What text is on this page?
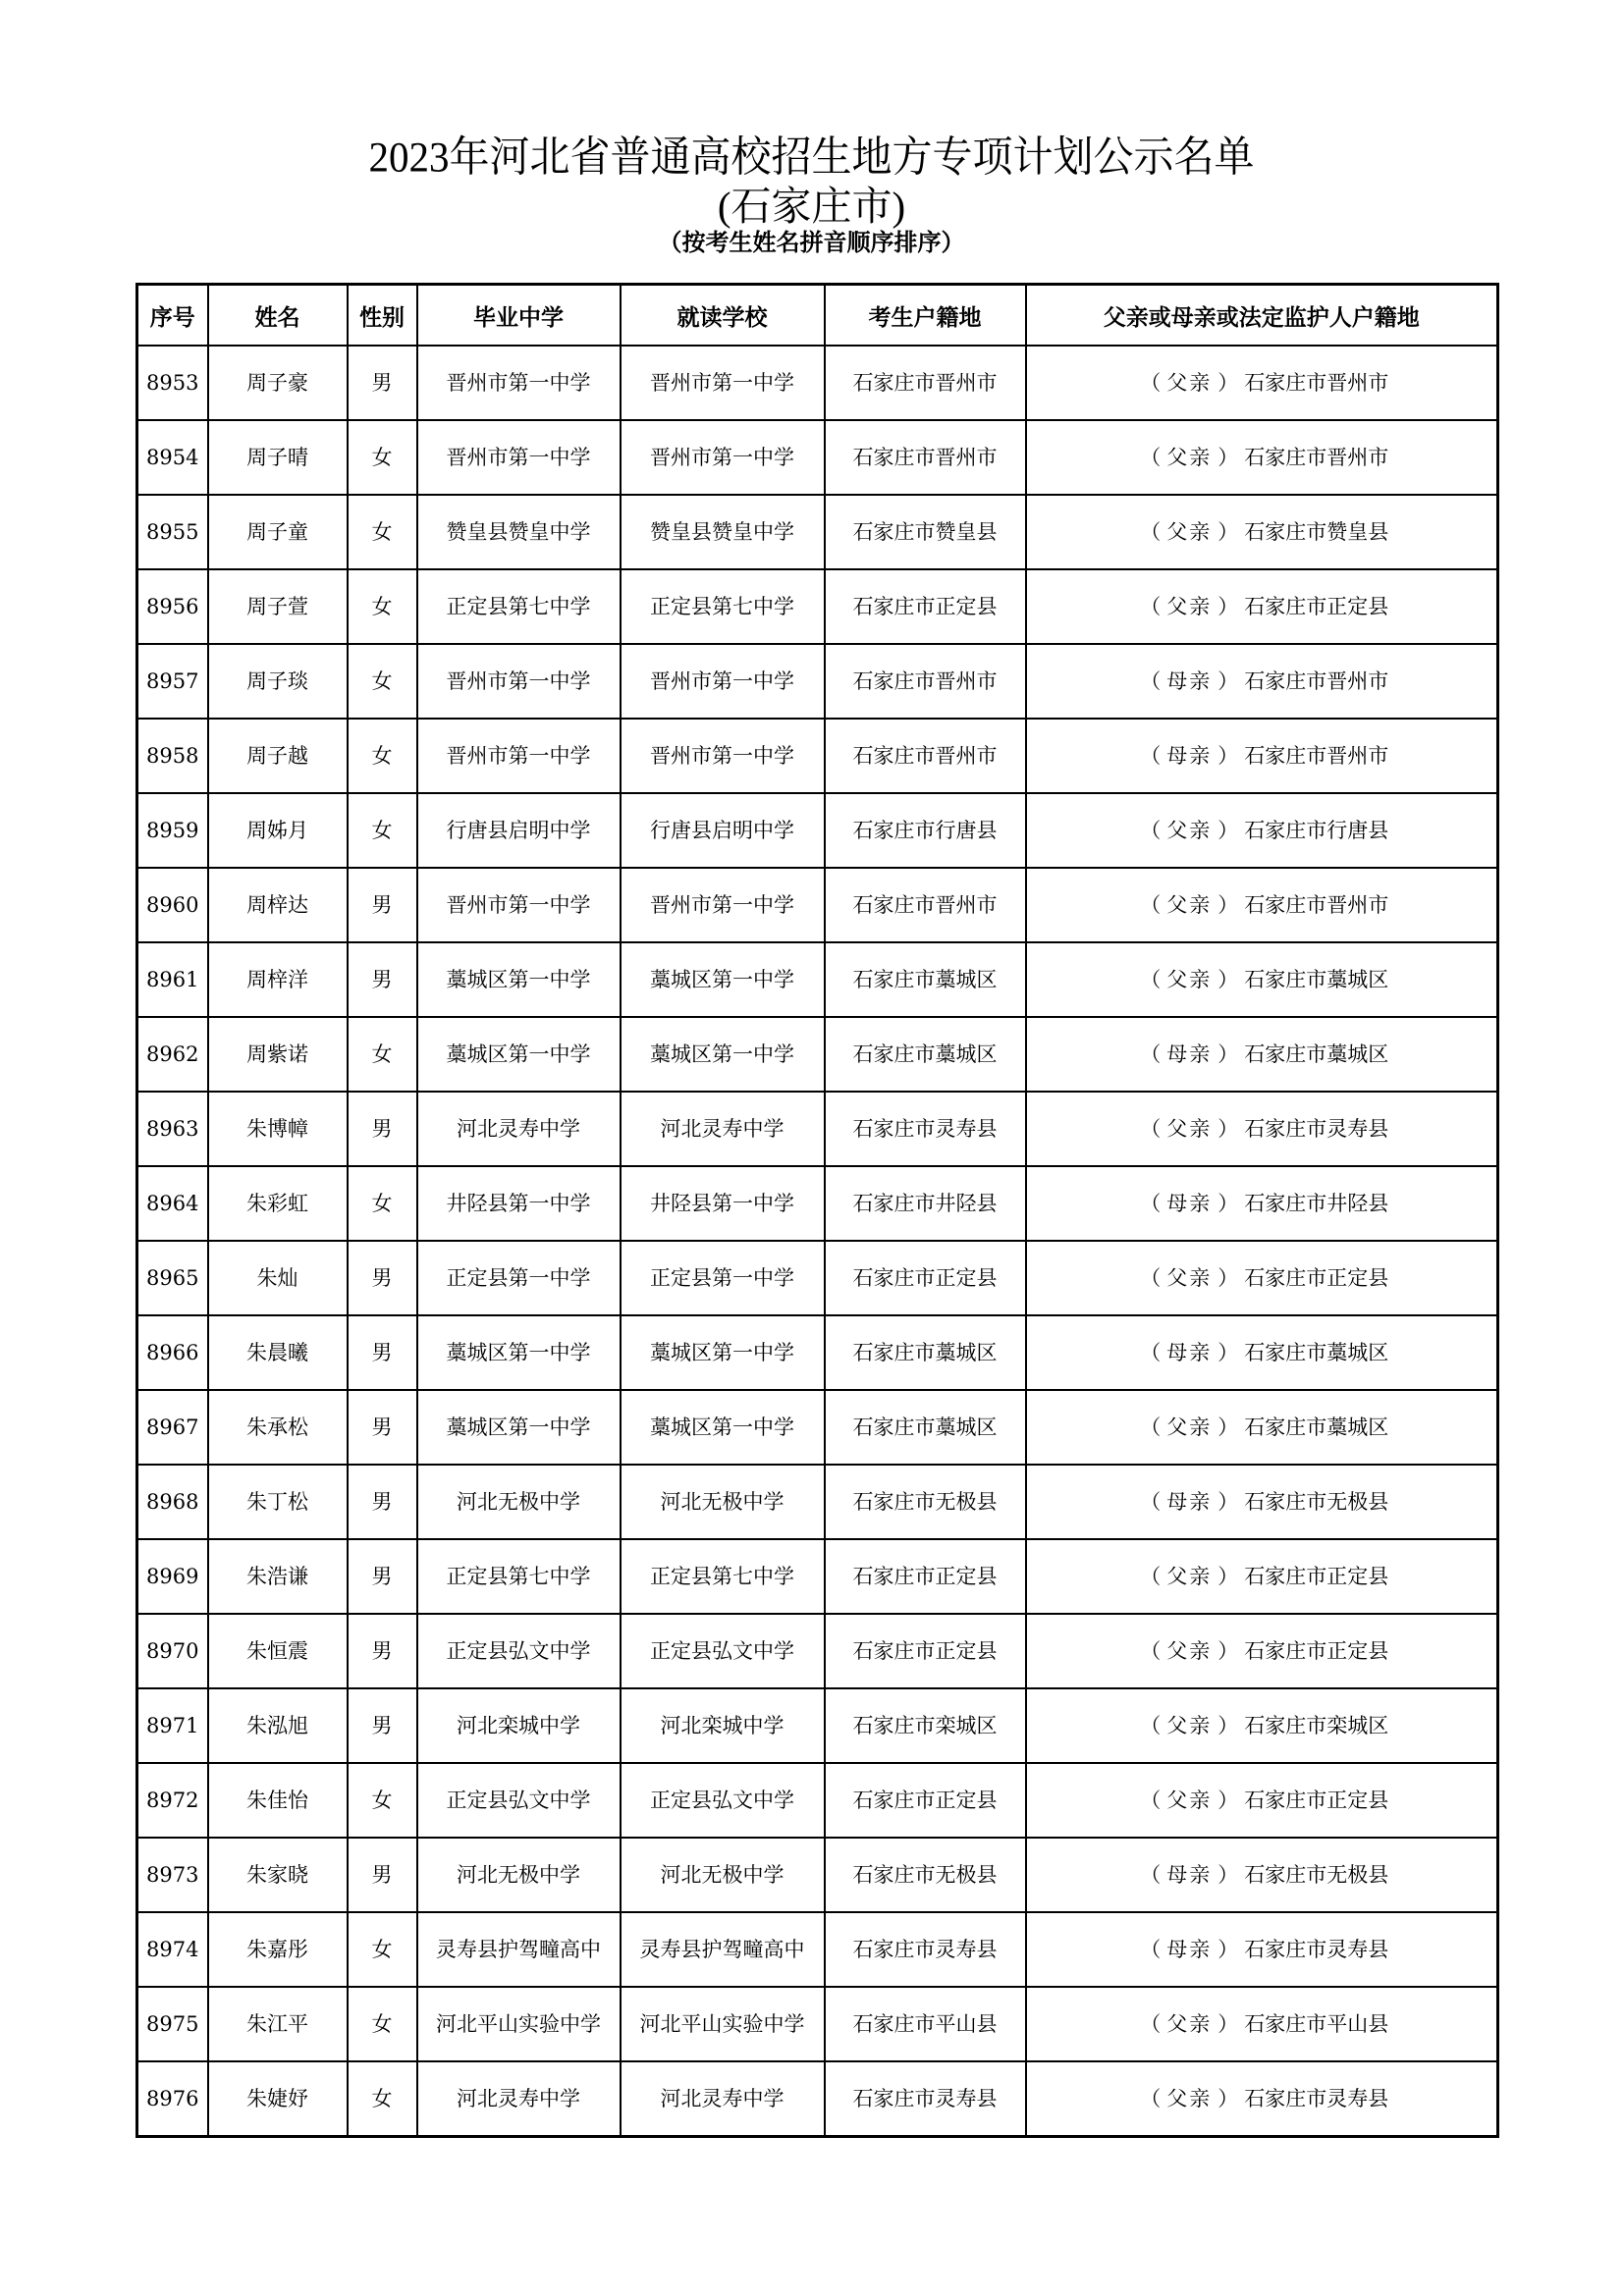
2023年河北省普通高校招生地方专项计划公示名单
(石家庄市)
（按考生姓名拼音顺序排序）
序号	姓名	性别	毕业中学	就读学校	考生户籍地	父亲或母亲或法定监护人户籍地
8953	周子豪	男	晋州市第一中学	晋州市第一中学	石家庄市晋州市	（ 父亲 ） 石家庄市晋州市
8954	周子晴	女	晋州市第一中学	晋州市第一中学	石家庄市晋州市	（ 父亲 ） 石家庄市晋州市
8955	周子童	女	赞皇县赞皇中学	赞皇县赞皇中学	石家庄市赞皇县	（ 父亲 ） 石家庄市赞皇县
8956	周子萱	女	正定县第七中学	正定县第七中学	石家庄市正定县	（ 父亲 ） 石家庄市正定县
8957	周子琰	女	晋州市第一中学	晋州市第一中学	石家庄市晋州市	（ 母亲 ） 石家庄市晋州市
8958	周子越	女	晋州市第一中学	晋州市第一中学	石家庄市晋州市	（ 母亲 ） 石家庄市晋州市
8959	周姊月	女	行唐县启明中学	行唐县启明中学	石家庄市行唐县	（ 父亲 ） 石家庄市行唐县
8960	周梓达	男	晋州市第一中学	晋州市第一中学	石家庄市晋州市	（ 父亲 ） 石家庄市晋州市
8961	周梓洋	男	藁城区第一中学	藁城区第一中学	石家庄市藁城区	（ 父亲 ） 石家庄市藁城区
8962	周紫诺	女	藁城区第一中学	藁城区第一中学	石家庄市藁城区	（ 母亲 ） 石家庄市藁城区
8963	朱博幛	男	河北灵寿中学	河北灵寿中学	石家庄市灵寿县	（ 父亲 ） 石家庄市灵寿县
8964	朱彩虹	女	井陉县第一中学	井陉县第一中学	石家庄市井陉县	（ 母亲 ） 石家庄市井陉县
8965	朱灿	男	正定县第一中学	正定县第一中学	石家庄市正定县	（ 父亲 ） 石家庄市正定县
8966	朱晨曦	男	藁城区第一中学	藁城区第一中学	石家庄市藁城区	（ 母亲 ） 石家庄市藁城区
8967	朱承松	男	藁城区第一中学	藁城区第一中学	石家庄市藁城区	（ 父亲 ） 石家庄市藁城区
8968	朱丁松	男	河北无极中学	河北无极中学	石家庄市无极县	（ 母亲 ） 石家庄市无极县
8969	朱浩谦	男	正定县第七中学	正定县第七中学	石家庄市正定县	（ 父亲 ） 石家庄市正定县
8970	朱恒震	男	正定县弘文中学	正定县弘文中学	石家庄市正定县	（ 父亲 ） 石家庄市正定县
8971	朱泓旭	男	河北栾城中学	河北栾城中学	石家庄市栾城区	（ 父亲 ） 石家庄市栾城区
8972	朱佳怡	女	正定县弘文中学	正定县弘文中学	石家庄市正定县	（ 父亲 ） 石家庄市正定县
8973	朱家晓	男	河北无极中学	河北无极中学	石家庄市无极县	（ 母亲 ） 石家庄市无极县
8974	朱嘉彤	女	灵寿县护驾疃高中	灵寿县护驾疃高中	石家庄市灵寿县	（ 母亲 ） 石家庄市灵寿县
8975	朱江平	女	河北平山实验中学	河北平山实验中学	石家庄市平山县	（ 父亲 ） 石家庄市平山县
8976	朱婕妤	女	河北灵寿中学	河北灵寿中学	石家庄市灵寿县	（ 父亲 ） 石家庄市灵寿县
